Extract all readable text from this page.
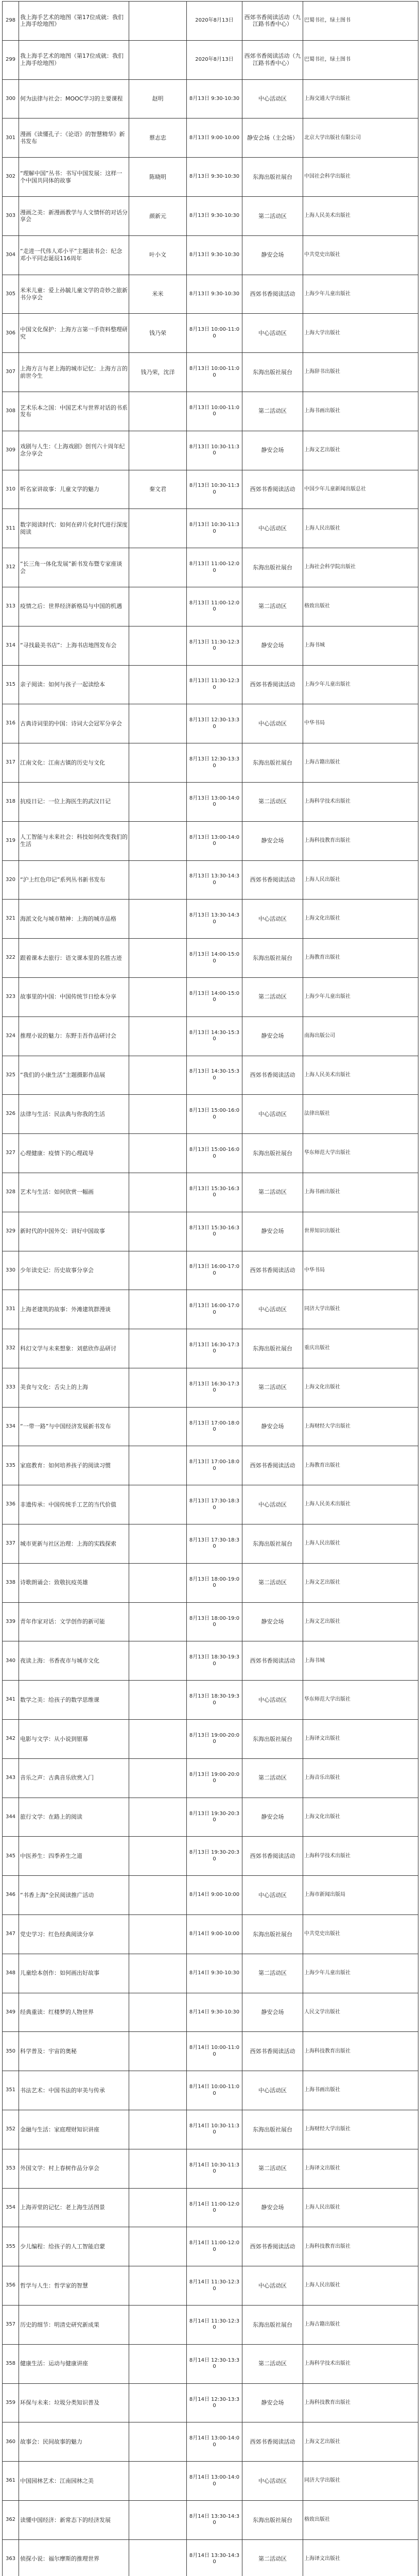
298	我上海手艺术的地图《第17位成就：我们上海手绘地图》		2020年8月13日	西郊书香阅读活动（九江路书香中心）	巴蜀书社，绿土图书
299	我上海手艺术的地图（第17位成就：我们上海手绘地图）		2020年8月13日	西郊书香阅读活动（九江路书香中心）	巴蜀书社，绿土图书
300	何为法律与社会：MOOC学习的主要课程	赵明	8月13日 9:30-10:30	中心活动区	上海交通大学出版社
301	漫画《读懂孔子：《论语》的智慧精华》新书发布	蔡志忠	8月13日 9:00-10:00	静安会场（主会场）	北京大学出版社有限公司
302	“理解中国”丛书：书写中国发展：这样一个中国共同体的故事	陈晓明	8月13日 9:30-10:30	东海出版社展台	中国社会科学出版社
303	漫画之美：新漫画教学与人文情怀的对话分享会	颜新元	8月13日 9:30-10:30	第二活动区	上海人民美术出版社
304	“走进一代伟人邓小平”主题读书会：纪念邓小平同志诞辰116周年	叶小文	8月13日 9:30-10:30	静安会场	中共党史出版社
305	米米儿童：爱上孙毓儿童文学的奇妙之旅新书分享会	米米	8月13日 9:30-10:30	西郊书香阅读活动	上海少年儿童出版社
306	中国文化保护：上海方言第一手资料整理研究	钱乃荣	8月13日 10:00-11:00	中心活动区	上海大学出版社
307	上海方言与老上海的城市记忆：上海方言的前世今生	钱乃荣，沈洋	8月13日 10:00-11:00	东海出版社展台	上海辞书出版社
308	艺术乐本之国：中国艺术与世界对话的书系发布		8月13日 10:00-11:00	第二活动区	上海书画出版社
309	戏剧与人生：《上海戏剧》创刊六十周年纪念分享会		8月13日 10:30-11:30	静安会场	上海文艺出版社
310	听名家讲故事：儿童文学的魅力	秦文君	8月13日 10:30-11:30	西郊书香阅读活动	中国少年儿童新闻出版总社
311	数字阅读时代：如何在碎片化时代进行深度阅读		8月13日 10:30-11:30	中心活动区	上海人民出版社
312	“长三角一体化发展”新书发布暨专家座谈会		8月13日 11:00-12:00	东海出版社展台	上海社会科学院出版社
313	疫情之后：世界经济新格局与中国的机遇		8月13日 11:00-12:00	第二活动区	格致出版社
314	“寻找最美书店”：上海书店地图发布会		8月13日 11:30-12:30	静安会场	上海书城
315	亲子阅读：如何与孩子一起读绘本		8月13日 11:30-12:30	西郊书香阅读活动	上海少年儿童出版社
316	古典诗词里的中国：诗词大会冠军分享会		8月13日 12:30-13:30	中心活动区	中华书局
317	江南文化：江南古镇的历史与文化		8月13日 12:30-13:30	东海出版社展台	上海古籍出版社
318	抗疫日记：一位上海医生的武汉日记		8月13日 13:00-14:00	第二活动区	上海科学技术出版社
319	人工智能与未来社会：科技如何改变我们的生活		8月13日 13:00-14:00	静安会场	上海科技教育出版社
320	“沪上红色印记”系列丛书新书发布		8月13日 13:30-14:30	西郊书香阅读活动	上海人民出版社
321	海派文化与城市精神：上海的城市品格		8月13日 13:30-14:30	中心活动区	上海文化出版社
322	跟着课本去旅行：语文课本里的名胜古迹		8月13日 14:00-15:00	东海出版社展台	上海教育出版社
323	故事里的中国：中国传统节日绘本分享		8月13日 14:00-15:00	第二活动区	上海少年儿童出版社
324	推理小说的魅力：东野圭吾作品研讨会		8月13日 14:30-15:30	静安会场	南海出版公司
325	“我们的小康生活”主题摄影作品展		8月13日 14:30-15:30	西郊书香阅读活动	上海人民美术出版社
326	法律与生活：民法典与你我的生活		8月13日 15:00-16:00	中心活动区	法律出版社
327	心理健康：疫情下的心理疏导		8月13日 15:00-16:00	东海出版社展台	华东师范大学出版社
328	艺术与生活：如何欣赏一幅画		8月13日 15:30-16:30	第二活动区	上海书画出版社
329	新时代的中国外交：讲好中国故事		8月13日 15:30-16:30	静安会场	世界知识出版社
330	少年读史记：历史故事分享会		8月13日 16:00-17:00	西郊书香阅读活动	中华书局
331	上海老建筑的故事：外滩建筑群漫谈		8月13日 16:00-17:00	中心活动区	同济大学出版社
332	科幻文学与未来想象：刘慈欣作品研讨		8月13日 16:30-17:30	东海出版社展台	重庆出版社
333	美食与文化：舌尖上的上海		8月13日 16:30-17:30	第二活动区	上海文化出版社
334	“一带一路”与中国经济发展新书发布		8月13日 17:00-18:00	静安会场	上海财经大学出版社
335	家庭教育：如何培养孩子的阅读习惯		8月13日 17:00-18:00	西郊书香阅读活动	上海教育出版社
336	非遗传承：中国传统手工艺的当代价值		8月13日 17:30-18:30	中心活动区	上海人民美术出版社
337	城市更新与社区治理：上海的实践探索		8月13日 17:30-18:30	东海出版社展台	上海人民出版社
338	诗歌朗诵会：致敬抗疫英雄		8月13日 18:00-19:00	第二活动区	上海文艺出版社
339	青年作家对话：文学创作的新可能		8月13日 18:00-19:00	静安会场	上海文艺出版社
340	夜读上海：书香夜市与城市文化		8月13日 18:30-19:30	西郊书香阅读活动	上海书城
341	数学之美：给孩子的数学思维课		8月13日 18:30-19:30	中心活动区	华东师范大学出版社
342	电影与文学：从小说到银幕		8月13日 19:00-20:00	东海出版社展台	上海译文出版社
343	音乐之声：古典音乐欣赏入门		8月13日 19:00-20:00	第二活动区	上海音乐出版社
344	旅行文学：在路上的阅读		8月13日 19:30-20:30	静安会场	上海文化出版社
345	中医养生：四季养生之道		8月13日 19:30-20:30	西郊书香阅读活动	上海科学技术出版社
346	“书香上海”全民阅读推广活动		8月14日 9:00-10:00	中心活动区	上海市新闻出版局
347	党史学习：红色经典阅读分享		8月14日 9:00-10:00	东海出版社展台	中共党史出版社
348	儿童绘本创作：如何画出好故事		8月14日 9:30-10:30	第二活动区	上海少年儿童出版社
349	经典重读：红楼梦的人物世界		8月14日 9:30-10:30	静安会场	人民文学出版社
350	科学普及：宇宙的奥秘		8月14日 10:00-11:00	西郊书香阅读活动	上海科技教育出版社
351	书法艺术：中国书法的审美与传承		8月14日 10:00-11:00	中心活动区	上海书画出版社
352	金融与生活：家庭理财知识讲座		8月14日 10:30-11:30	东海出版社展台	上海财经大学出版社
353	外国文学：村上春树作品分享会		8月14日 10:30-11:30	第二活动区	上海译文出版社
354	上海弄堂的记忆：老上海生活图景		8月14日 11:00-12:00	静安会场	上海人民出版社
355	少儿编程：给孩子的人工智能启蒙		8月14日 11:00-12:00	西郊书香阅读活动	上海科技教育出版社
356	哲学与人生：哲学家的智慧		8月14日 11:30-12:30	中心活动区	上海人民出版社
357	历史的细节：明清史研究新成果		8月14日 11:30-12:30	东海出版社展台	上海古籍出版社
358	健康生活：运动与健康讲座		8月14日 12:30-13:30	第二活动区	上海科学技术出版社
359	环保与未来：垃圾分类知识普及		8月14日 12:30-13:30	静安会场	上海科技教育出版社
360	故事会：民间故事的魅力		8月14日 13:00-14:00	西郊书香阅读活动	上海文艺出版社
361	中国园林艺术：江南园林之美		8月14日 13:00-14:00	中心活动区	同济大学出版社
362	读懂中国经济：新常态下的经济发展		8月14日 13:30-14:30	东海出版社展台	格致出版社
363	侦探小说：福尔摩斯的推理世界		8月14日 13:30-14:30	第二活动区	上海译文出版社
